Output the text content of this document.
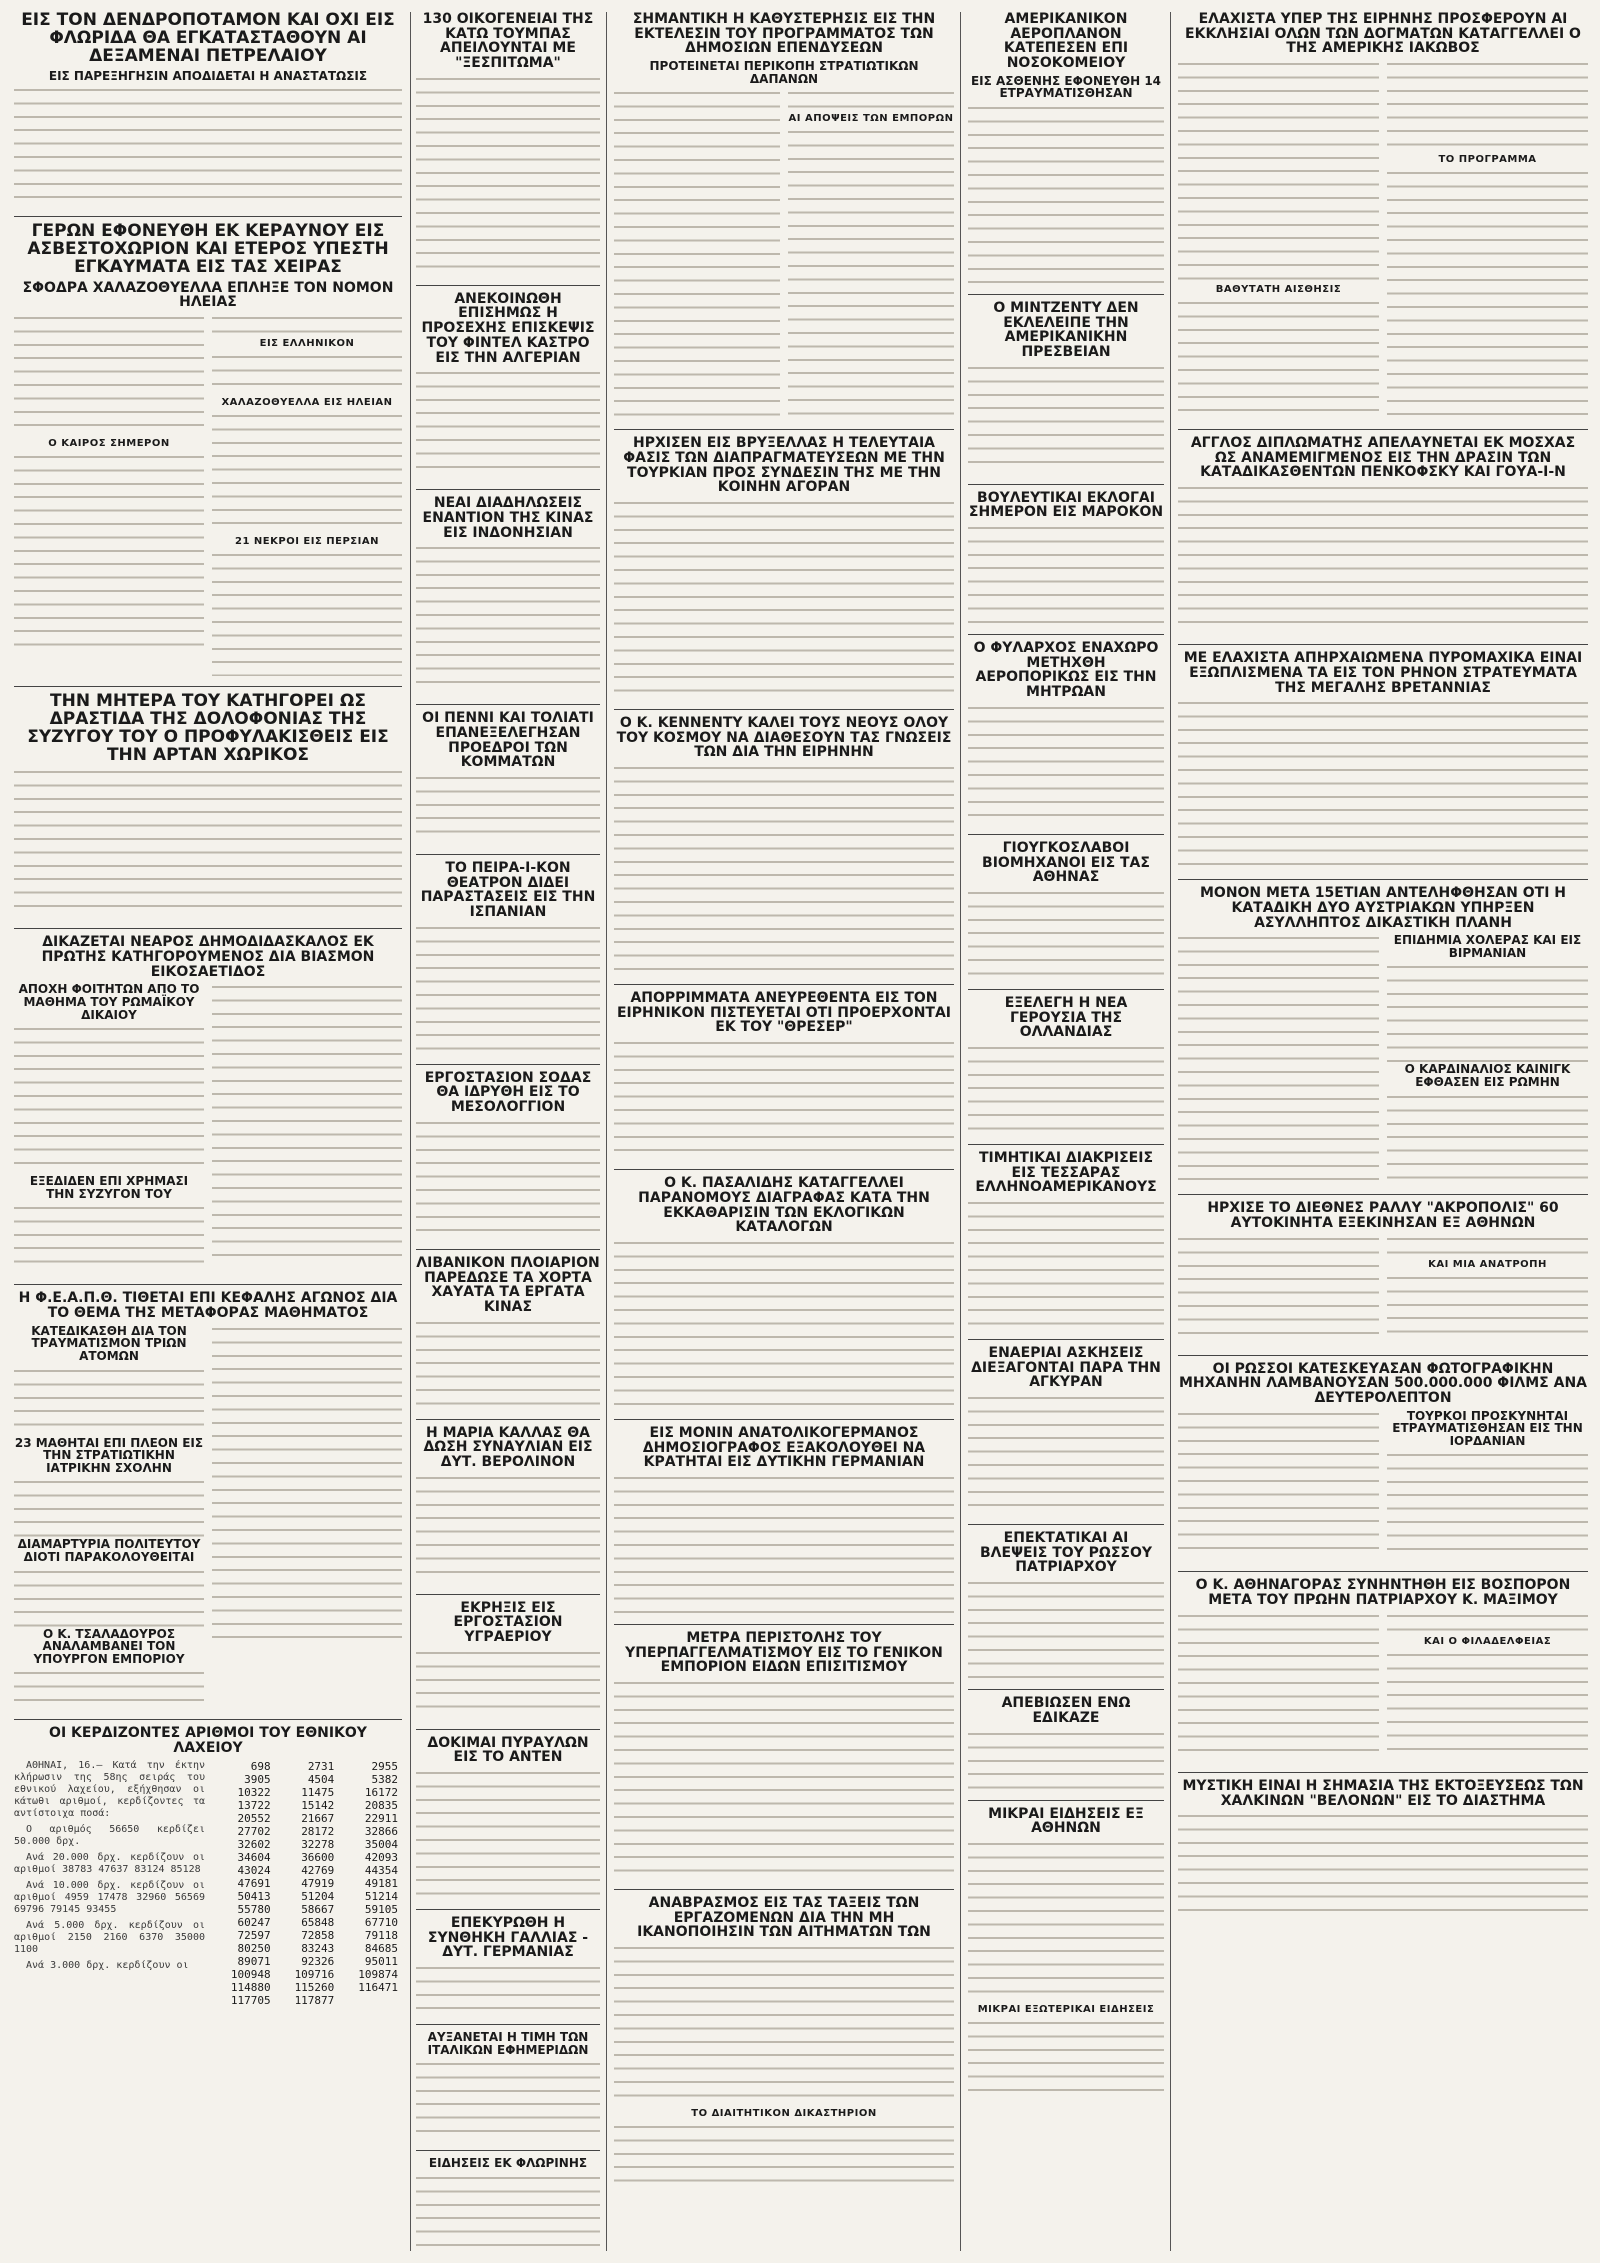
ΕΙΣ ΤΟΝ ΔΕΝΔΡΟΠΟΤΑΜΟΝ ΚΑΙ ΟΧΙ ΕΙΣ ΦΛΩΡΙΔΑ ΘΑ ΕΓΚΑΤΑΣΤΑΘΟΥΝ ΑΙ ΔΕΞΑΜΕΝΑΙ ΠΕΤΡΕΛΑΙΟΥ
ΕΙΣ ΠΑΡΕΞΗΓΗΣΙΝ ΑΠΟΔΙΔΕΤΑΙ Η ΑΝΑΣΤΑΤΩΣΙΣ
ΓΕΡΩΝ ΕΦΟΝΕΥΘΗ ΕΚ ΚΕΡΑΥΝΟΥ ΕΙΣ ΑΣΒΕΣΤΟΧΩΡΙΟΝ ΚΑΙ ΕΤΕΡΟΣ ΥΠΕΣΤΗ ΕΓΚΑΥΜΑΤΑ ΕΙΣ ΤΑΣ ΧΕΙΡΑΣ
ΣΦΟΔΡΑ ΧΑΛΑΖΟΘΥΕΛΛΑ ΕΠΛΗΞΕ ΤΟΝ ΝΟΜΟΝ ΗΛΕΙΑΣ
Ο ΚΑΙΡΟΣ ΣΗΜΕΡΟΝ
ΕΙΣ ΕΛΛΗΝΙΚΟΝ
ΧΑΛΑΖΟΘΥΕΛΛΑ ΕΙΣ ΗΛΕΙΑΝ
21 ΝΕΚΡΟΙ ΕΙΣ ΠΕΡΣΙΑΝ
ΤΗΝ ΜΗΤΕΡΑ ΤΟΥ ΚΑΤΗΓΟΡΕΙ ΩΣ ΔΡΑΣΤΙΔΑ ΤΗΣ ΔΟΛΟΦΟΝΙΑΣ ΤΗΣ ΣΥΖΥΓΟΥ ΤΟΥ Ο ΠΡΟΦΥΛΑΚΙΣΘΕΙΣ ΕΙΣ ΤΗΝ ΑΡΤΑΝ ΧΩΡΙΚΟΣ
ΔΙΚΑΖΕΤΑΙ ΝΕΑΡΟΣ ΔΗΜΟΔΙΔΑΣΚΑΛΟΣ ΕΚ ΠΡΩΤΗΣ ΚΑΤΗΓΟΡΟΥΜΕΝΟΣ ΔΙΑ ΒΙΑΣΜΟΝ ΕΙΚΟΣΑΕΤΙΔΟΣ
ΑΠΟΧΗ ΦΟΙΤΗΤΩΝ ΑΠΟ ΤΟ ΜΑΘΗΜΑ ΤΟΥ ΡΩΜΑΪΚΟΥ ΔΙΚΑΙΟΥ
ΕΞΕΔΙΔΕΝ ΕΠΙ ΧΡΗΜΑΣΙ ΤΗΝ ΣΥΖΥΓΟΝ ΤΟΥ
Η Φ.Ε.Α.Π.Θ. ΤΙΘΕΤΑΙ ΕΠΙ ΚΕΦΑΛΗΣ ΑΓΩΝΟΣ ΔΙΑ ΤΟ ΘΕΜΑ ΤΗΣ ΜΕΤΑΦΟΡΑΣ ΜΑΘΗΜΑΤΟΣ
ΚΑΤΕΔΙΚΑΣΘΗ ΔΙΑ ΤΟΝ ΤΡΑΥΜΑΤΙΣΜΟΝ ΤΡΙΩΝ ΑΤΟΜΩΝ
23 ΜΑΘΗΤΑΙ ΕΠΙ ΠΛΕΟΝ ΕΙΣ ΤΗΝ ΣΤΡΑΤΙΩΤΙΚΗΝ ΙΑΤΡΙΚΗΝ ΣΧΟΛΗΝ
ΔΙΑΜΑΡΤΥΡΙΑ ΠΟΛΙΤΕΥΤΟΥ ΔΙΟΤΙ ΠΑΡΑΚΟΛΟΥΘΕΙΤΑΙ
Ο Κ. ΤΣΑΛΑΔΟΥΡΟΣ ΑΝΑΛΑΜΒΑΝΕΙ ΤΟΝ ΥΠΟΥΡΓΟΝ ΕΜΠΟΡΙΟΥ
ΟΙ ΚΕΡΔΙΖΟΝΤΕΣ ΑΡΙΘΜΟΙ ΤΟΥ ΕΘΝΙΚΟΥ ΛΑΧΕΙΟΥ
ΑΘΗΝΑΙ, 16.— Κατά την έκτην κλήρωσιν της 58ης σειράς του εθνικού λαχείου, εξήχθησαν οι κάτωθι αριθμοί, κερδίζοντες τα αντίστοιχα ποσά:
Ο αριθμός 56650 κερδίζει 50.000 δρχ.
Ανά 20.000 δρχ. κερδίζουν οι αριθμοί 38783 47637 83124 85128
Ανά 10.000 δρχ. κερδίζουν οι αριθμοί 4959 17478 32960 56569 69796 79145 93455
Ανά 5.000 δρχ. κερδίζουν οι αριθμοί 2150 2160 6370 35000 1100
Ανά 3.000 δρχ. κερδίζουν οι
698	2731	2955
3905	4504	5382
10322	11475	16172
13722	15142	20835
20552	21667	22911
27702	28172	32866
32602	32278	35004
34604	36600	42093
43024	42769	44354
47691	47919	49181
50413	51204	51214
55780	58667	59105
60247	65848	67710
72597	72858	79118
80250	83243	84685
89071	92326	95011
100948	109716	109874
114880	115260	116471
117705	117877	
130 ΟΙΚΟΓΕΝΕΙΑΙ ΤΗΣ ΚΑΤΩ ΤΟΥΜΠΑΣ ΑΠΕΙΛΟΥΝΤΑΙ ΜΕ "ΞΕΣΠΙΤΩΜΑ"
ΑΝΕΚΟΙΝΩΘΗ ΕΠΙΣΗΜΩΣ Η ΠΡΟΣΕΧΗΣ ΕΠΙΣΚΕΨΙΣ ΤΟΥ ΦΙΝΤΕΛ ΚΑΣΤΡΟ ΕΙΣ ΤΗΝ ΑΛΓΕΡΙΑΝ
ΝΕΑΙ ΔΙΑΔΗΛΩΣΕΙΣ ΕΝΑΝΤΙΟΝ ΤΗΣ ΚΙΝΑΣ ΕΙΣ ΙΝΔΟΝΗΣΙΑΝ
ΟΙ ΠΕΝΝΙ ΚΑΙ ΤΟΛΙΑΤΙ ΕΠΑΝΕΞΕΛΕΓΗΣΑΝ ΠΡΟΕΔΡΟΙ ΤΩΝ ΚΟΜΜΑΤΩΝ
ΤΟ ΠΕΙΡΑ-Ι-ΚΟΝ ΘΕΑΤΡΟΝ ΔΙΔΕΙ ΠΑΡΑΣΤΑΣΕΙΣ ΕΙΣ ΤΗΝ ΙΣΠΑΝΙΑΝ
ΕΡΓΟΣΤΑΣΙΟΝ ΣΟΔΑΣ ΘΑ ΙΔΡΥΘΗ ΕΙΣ ΤΟ ΜΕΣΟΛΟΓΓΙΟΝ
ΛΙΒΑΝΙΚΟΝ ΠΛΟΙΑΡΙΟΝ ΠΑΡΕΔΩΣΕ ΤΑ ΧΟΡΤΑ ΧΑΥΑΤΑ ΤΑ ΕΡΓΑΤΑ ΚΙΝΑΣ
Η ΜΑΡΙΑ ΚΑΛΛΑΣ ΘΑ ΔΩΣΗ ΣΥΝΑΥΛΙΑΝ ΕΙΣ ΔΥΤ. ΒΕΡΟΛΙΝΟΝ
ΕΚΡΗΞΙΣ ΕΙΣ ΕΡΓΟΣΤΑΣΙΟΝ ΥΓΡΑΕΡΙΟΥ
ΔΟΚΙΜΑΙ ΠΥΡΑΥΛΩΝ ΕΙΣ ΤΟ ΑΝΤΕΝ
ΕΠΕΚΥΡΩΘΗ Η ΣΥΝΘΗΚΗ ΓΑΛΛΙΑΣ - ΔΥΤ. ΓΕΡΜΑΝΙΑΣ
ΑΥΞΑΝΕΤΑΙ Η ΤΙΜΗ ΤΩΝ ΙΤΑΛΙΚΩΝ ΕΦΗΜΕΡΙΔΩΝ
ΕΙΔΗΣΕΙΣ ΕΚ ΦΛΩΡΙΝΗΣ
ΣΗΜΑΝΤΙΚΗ Η ΚΑΘΥΣΤΕΡΗΣΙΣ ΕΙΣ ΤΗΝ ΕΚΤΕΛΕΣΙΝ ΤΟΥ ΠΡΟΓΡΑΜΜΑΤΟΣ ΤΩΝ ΔΗΜΟΣΙΩΝ ΕΠΕΝΔΥΣΕΩΝ
ΠΡΟΤΕΙΝΕΤΑΙ ΠΕΡΙΚΟΠΗ ΣΤΡΑΤΙΩΤΙΚΩΝ ΔΑΠΑΝΩΝ
ΑΙ ΑΠΟΨΕΙΣ ΤΩΝ ΕΜΠΟΡΩΝ
ΗΡΧΙΣΕΝ ΕΙΣ ΒΡΥΞΕΛΛΑΣ Η ΤΕΛΕΥΤΑΙΑ ΦΑΣΙΣ ΤΩΝ ΔΙΑΠΡΑΓΜΑΤΕΥΣΕΩΝ ΜΕ ΤΗΝ ΤΟΥΡΚΙΑΝ ΠΡΟΣ ΣΥΝΔΕΣΙΝ ΤΗΣ ΜΕ ΤΗΝ ΚΟΙΝΗΝ ΑΓΟΡΑΝ
Ο Κ. ΚΕΝΝΕΝΤΥ ΚΑΛΕΙ ΤΟΥΣ ΝΕΟΥΣ ΟΛΟΥ ΤΟΥ ΚΟΣΜΟΥ ΝΑ ΔΙΑΘΕΣΟΥΝ ΤΑΣ ΓΝΩΣΕΙΣ ΤΩΝ ΔΙΑ ΤΗΝ ΕΙΡΗΝΗΝ
ΑΠΟΡΡΙΜΜΑΤΑ ΑΝΕΥΡΕΘΕΝΤΑ ΕΙΣ ΤΟΝ ΕΙΡΗΝΙΚΟΝ ΠΙΣΤΕΥΕΤΑΙ ΟΤΙ ΠΡΟΕΡΧΟΝΤΑΙ ΕΚ ΤΟΥ "ΘΡΕΣΕΡ"
Ο Κ. ΠΑΣΑΛΙΔΗΣ ΚΑΤΑΓΓΕΛΛΕΙ ΠΑΡΑΝΟΜΟΥΣ ΔΙΑΓΡΑΦΑΣ ΚΑΤΑ ΤΗΝ ΕΚΚΑΘΑΡΙΣΙΝ ΤΩΝ ΕΚΛΟΓΙΚΩΝ ΚΑΤΑΛΟΓΩΝ
ΕΙΣ ΜΟΝΙΝ ΑΝΑΤΟΛΙΚΟΓΕΡΜΑΝΟΣ ΔΗΜΟΣΙΟΓΡΑΦΟΣ ΕΞΑΚΟΛΟΥΘΕΙ ΝΑ ΚΡΑΤΗΤΑΙ ΕΙΣ ΔΥΤΙΚΗΝ ΓΕΡΜΑΝΙΑΝ
ΜΕΤΡΑ ΠΕΡΙΣΤΟΛΗΣ ΤΟΥ ΥΠΕΡΠΑΓΓΕΛΜΑΤΙΣΜΟΥ ΕΙΣ ΤΟ ΓΕΝΙΚΟΝ ΕΜΠΟΡΙΟΝ ΕΙΔΩΝ ΕΠΙΣΙΤΙΣΜΟΥ
ΑΝΑΒΡΑΣΜΟΣ ΕΙΣ ΤΑΣ ΤΑΞΕΙΣ ΤΩΝ ΕΡΓΑΖΟΜΕΝΩΝ ΔΙΑ ΤΗΝ ΜΗ ΙΚΑΝΟΠΟΙΗΣΙΝ ΤΩΝ ΑΙΤΗΜΑΤΩΝ ΤΩΝ
ΤΟ ΔΙΑΙΤΗΤΙΚΟΝ ΔΙΚΑΣΤΗΡΙΟΝ
ΑΜΕΡΙΚΑΝΙΚΟΝ ΑΕΡΟΠΛΑΝΟΝ ΚΑΤΕΠΕΣΕΝ ΕΠΙ ΝΟΣΟΚΟΜΕΙΟΥ
ΕΙΣ ΑΣΘΕΝΗΣ ΕΦΟΝΕΥΘΗ 14 ΕΤΡΑΥΜΑΤΙΣΘΗΣΑΝ
Ο ΜΙΝΤΖΕΝΤΥ ΔΕΝ ΕΚΛΕΛΕΙΠΕ ΤΗΝ ΑΜΕΡΙΚΑΝΙΚΗΝ ΠΡΕΣΒΕΙΑΝ
ΒΟΥΛΕΥΤΙΚΑΙ ΕΚΛΟΓΑΙ ΣΗΜΕΡΟΝ ΕΙΣ ΜΑΡΟΚΟΝ
Ο ΦΥΛΑΡΧΟΣ ΕΝΑΧΩΡΟ ΜΕΤΗΧΘΗ ΑΕΡΟΠΟΡΙΚΩΣ ΕΙΣ ΤΗΝ ΜΗΤΡΩΑΝ
ΓΙΟΥΓΚΟΣΛΑΒΟΙ ΒΙΟΜΗΧΑΝΟΙ ΕΙΣ ΤΑΣ ΑΘΗΝΑΣ
ΕΞΕΛΕΓΗ Η ΝΕΑ ΓΕΡΟΥΣΙΑ ΤΗΣ ΟΛΛΑΝΔΙΑΣ
ΤΙΜΗΤΙΚΑΙ ΔΙΑΚΡΙΣΕΙΣ ΕΙΣ ΤΕΣΣΑΡΑΣ ΕΛΛΗΝΟΑΜΕΡΙΚΑΝΟΥΣ
ΕΝΑΕΡΙΑΙ ΑΣΚΗΣΕΙΣ ΔΙΕΞΑΓΟΝΤΑΙ ΠΑΡΑ ΤΗΝ ΑΓΚΥΡΑΝ
ΕΠΕΚΤΑΤΙΚΑΙ ΑΙ ΒΛΕΨΕΙΣ ΤΟΥ ΡΩΣΣΟΥ ΠΑΤΡΙΑΡΧΟΥ
ΑΠΕΒΙΩΣΕΝ ΕΝΩ ΕΔΙΚΑΖΕ
ΜΙΚΡΑΙ ΕΙΔΗΣΕΙΣ ΕΞ ΑΘΗΝΩΝ
ΜΙΚΡΑΙ ΕΞΩΤΕΡΙΚΑΙ ΕΙΔΗΣΕΙΣ
ΕΛΑΧΙΣΤΑ ΥΠΕΡ ΤΗΣ ΕΙΡΗΝΗΣ ΠΡΟΣΦΕΡΟΥΝ ΑΙ ΕΚΚΛΗΣΙΑΙ ΟΛΩΝ ΤΩΝ ΔΟΓΜΑΤΩΝ ΚΑΤΑΓΓΕΛΛΕΙ Ο ΤΗΣ ΑΜΕΡΙΚΗΣ ΙΑΚΩΒΟΣ
ΒΑΘΥΤΑΤΗ ΑΙΣΘΗΣΙΣ
ΤΟ ΠΡΟΓΡΑΜΜΑ
ΑΓΓΛΟΣ ΔΙΠΛΩΜΑΤΗΣ ΑΠΕΛΑΥΝΕΤΑΙ ΕΚ ΜΟΣΧΑΣ ΩΣ ΑΝΑΜΕΜΙΓΜΕΝΟΣ ΕΙΣ ΤΗΝ ΔΡΑΣΙΝ ΤΩΝ ΚΑΤΑΔΙΚΑΣΘΕΝΤΩΝ ΠΕΝΚΟΦΣΚΥ ΚΑΙ ΓΟΥΑ-Ι-Ν
ΜΕ ΕΛΑΧΙΣΤΑ ΑΠΗΡΧΑΙΩΜΕΝΑ ΠΥΡΟΜΑΧΙΚΑ ΕΙΝΑΙ ΕΞΩΠΛΙΣΜΕΝΑ ΤΑ ΕΙΣ ΤΟΝ ΡΗΝΟΝ ΣΤΡΑΤΕΥΜΑΤΑ ΤΗΣ ΜΕΓΑΛΗΣ ΒΡΕΤΑΝΝΙΑΣ
ΜΟΝΟΝ ΜΕΤΑ 15ΕΤΙΑΝ ΑΝΤΕΛΗΦΘΗΣΑΝ ΟΤΙ Η ΚΑΤΑΔΙΚΗ ΔΥΟ ΑΥΣΤΡΙΑΚΩΝ ΥΠΗΡΞΕΝ ΑΣΥΛΛΗΠΤΟΣ ΔΙΚΑΣΤΙΚΗ ΠΛΑΝΗ
ΕΠΙΔΗΜΙΑ ΧΟΛΕΡΑΣ ΚΑΙ ΕΙΣ ΒΙΡΜΑΝΙΑΝ
Ο ΚΑΡΔΙΝΑΛΙΟΣ ΚΑΙΝΙΓΚ ΕΦΘΑΣΕΝ ΕΙΣ ΡΩΜΗΝ
ΗΡΧΙΣΕ ΤΟ ΔΙΕΘΝΕΣ ΡΑΛΛΥ "ΑΚΡΟΠΟΛΙΣ" 60 ΑΥΤΟΚΙΝΗΤΑ ΕΞΕΚΙΝΗΣΑΝ ΕΞ ΑΘΗΝΩΝ
ΚΑΙ ΜΙΑ ΑΝΑΤΡΟΠΗ
ΟΙ ΡΩΣΣΟΙ ΚΑΤΕΣΚΕΥΑΣΑΝ ΦΩΤΟΓΡΑΦΙΚΗΝ ΜΗΧΑΝΗΝ ΛΑΜΒΑΝΟΥΣΑΝ 500.000.000 ΦΙΛΜΣ ΑΝΑ ΔΕΥΤΕΡΟΛΕΠΤΟΝ
ΤΟΥΡΚΟΙ ΠΡΟΣΚΥΝΗΤΑΙ ΕΤΡΑΥΜΑΤΙΣΘΗΣΑΝ ΕΙΣ ΤΗΝ ΙΟΡΔΑΝΙΑΝ
Ο Κ. ΑΘΗΝΑΓΟΡΑΣ ΣΥΝΗΝΤΗΘΗ ΕΙΣ ΒΟΣΠΟΡΟΝ ΜΕΤΑ ΤΟΥ ΠΡΩΗΝ ΠΑΤΡΙΑΡΧΟΥ Κ. ΜΑΞΙΜΟΥ
ΚΑΙ Ο ΦΙΛΑΔΕΛΦΕΙΑΣ
ΜΥΣΤΙΚΗ ΕΙΝΑΙ Η ΣΗΜΑΣΙΑ ΤΗΣ ΕΚΤΟΞΕΥΣΕΩΣ ΤΩΝ ΧΑΛΚΙΝΩΝ "ΒΕΛΟΝΩΝ" ΕΙΣ ΤΟ ΔΙΑΣΤΗΜΑ
